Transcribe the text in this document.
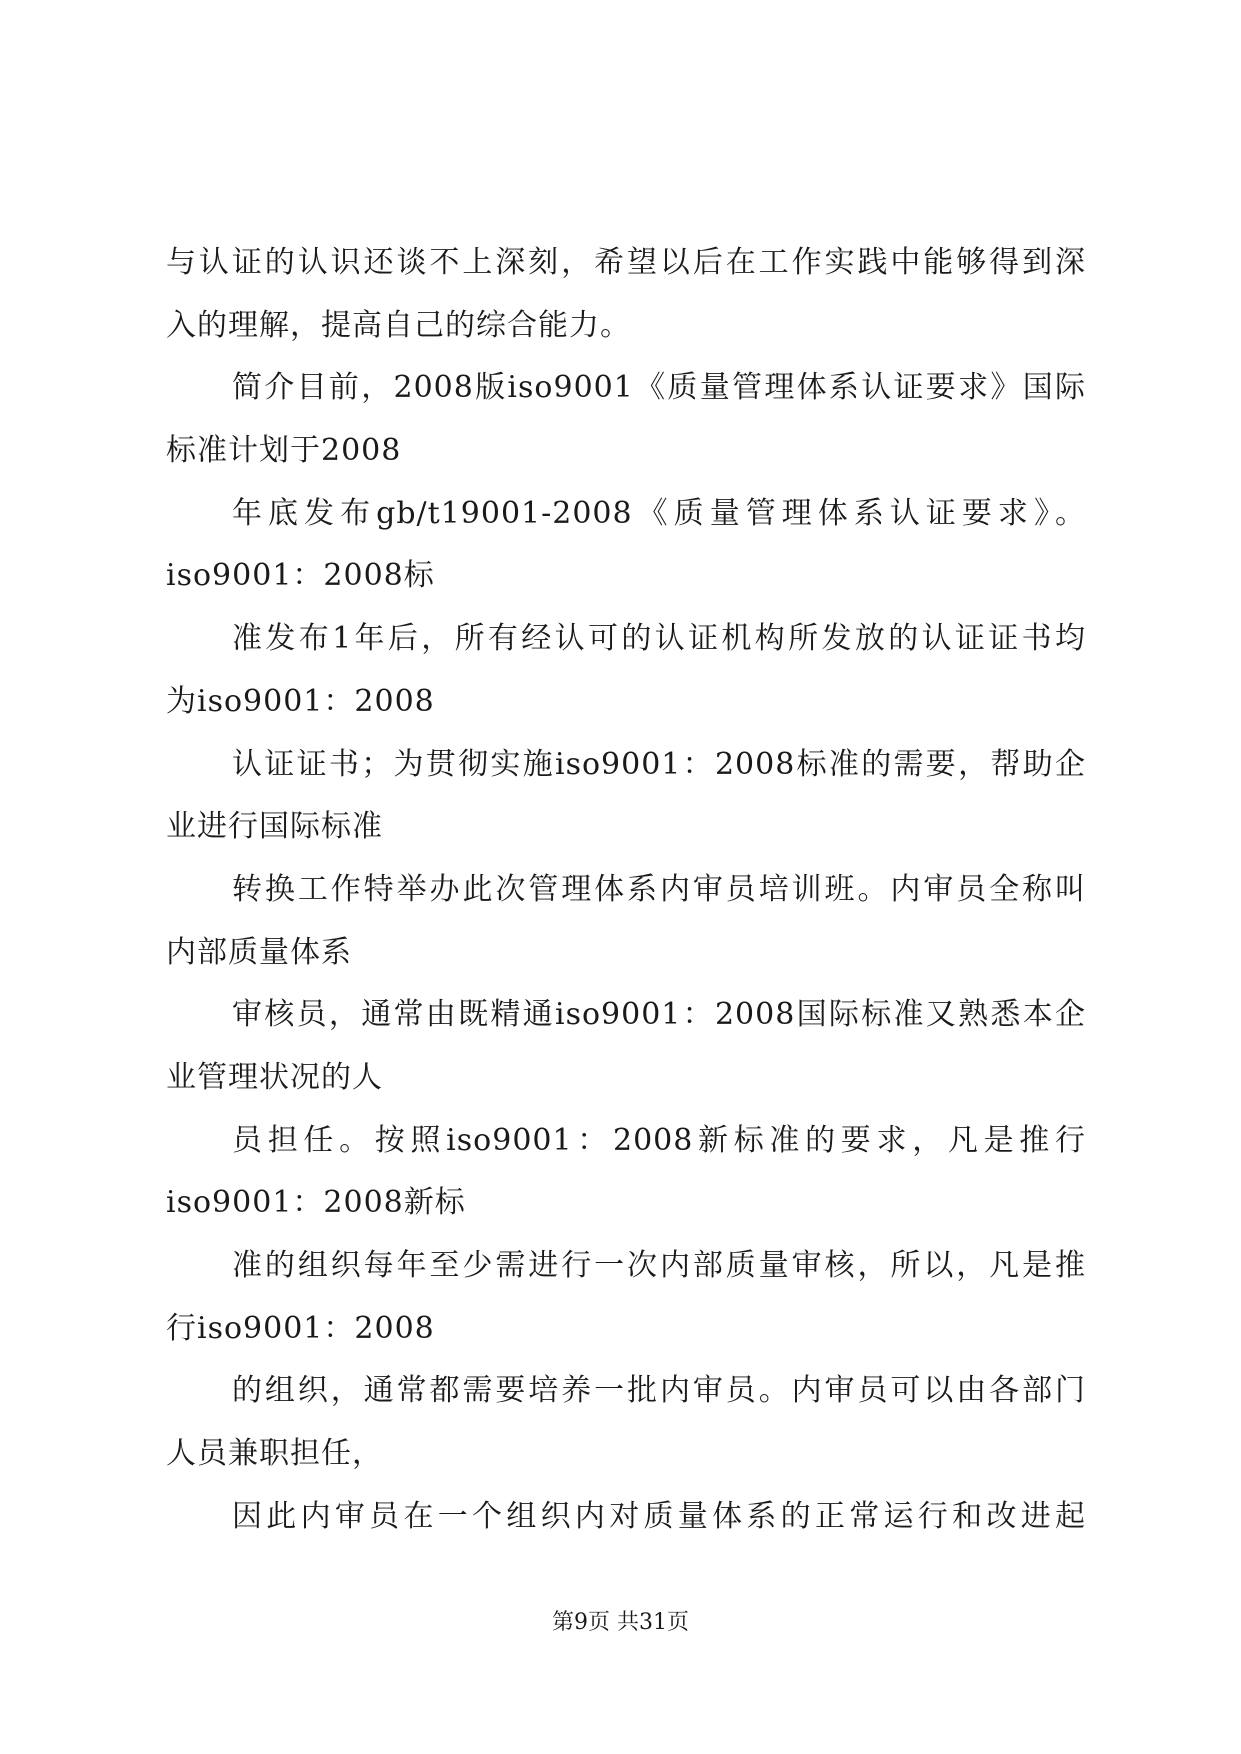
与认证的认识还谈不上深刻，希望以后在工作实践中能够得到深
入的理解，提高自己的综合能力。
简介目前，2008版iso9001《质量管理体系认证要求》国际
标准计划于2008
年底发布gb/t19001-2008《质量管理体系认证要求》。
iso9001：2008标
准发布1年后，所有经认可的认证机构所发放的认证证书均
为iso9001：2008
认证证书；为贯彻实施iso9001：2008标准的需要，帮助企
业进行国际标准
转换工作特举办此次管理体系内审员培训班。内审员全称叫
内部质量体系
审核员，通常由既精通iso9001：2008国际标准又熟悉本企
业管理状况的人
员担任。按照iso9001：2008新标准的要求，凡是推行
iso9001：2008新标
准的组织每年至少需进行一次内部质量审核，所以，凡是推
行iso9001：2008
的组织，通常都需要培养一批内审员。内审员可以由各部门
人员兼职担任，
因此内审员在一个组织内对质量体系的正常运行和改进起
第9页 共31页
